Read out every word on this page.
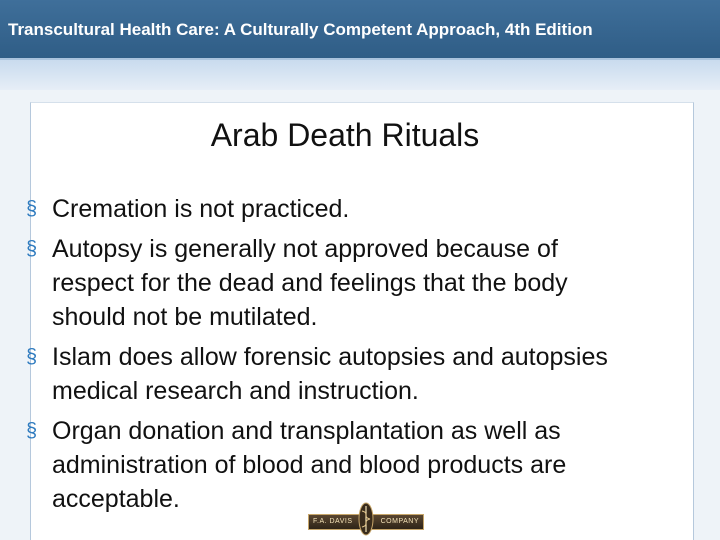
Transcultural Health Care: A Culturally Competent Approach, 4th Edition
Arab Death Rituals
§ Cremation is not practiced.
§ Autopsy is generally not approved because of respect for the dead and feelings that the body should not be mutilated.
§ Islam does allow forensic autopsies and autopsies medical research and instruction.
§ Organ donation and transplantation as well as administration of blood and blood products are acceptable.
F.A. DAVIS	COMPANY
